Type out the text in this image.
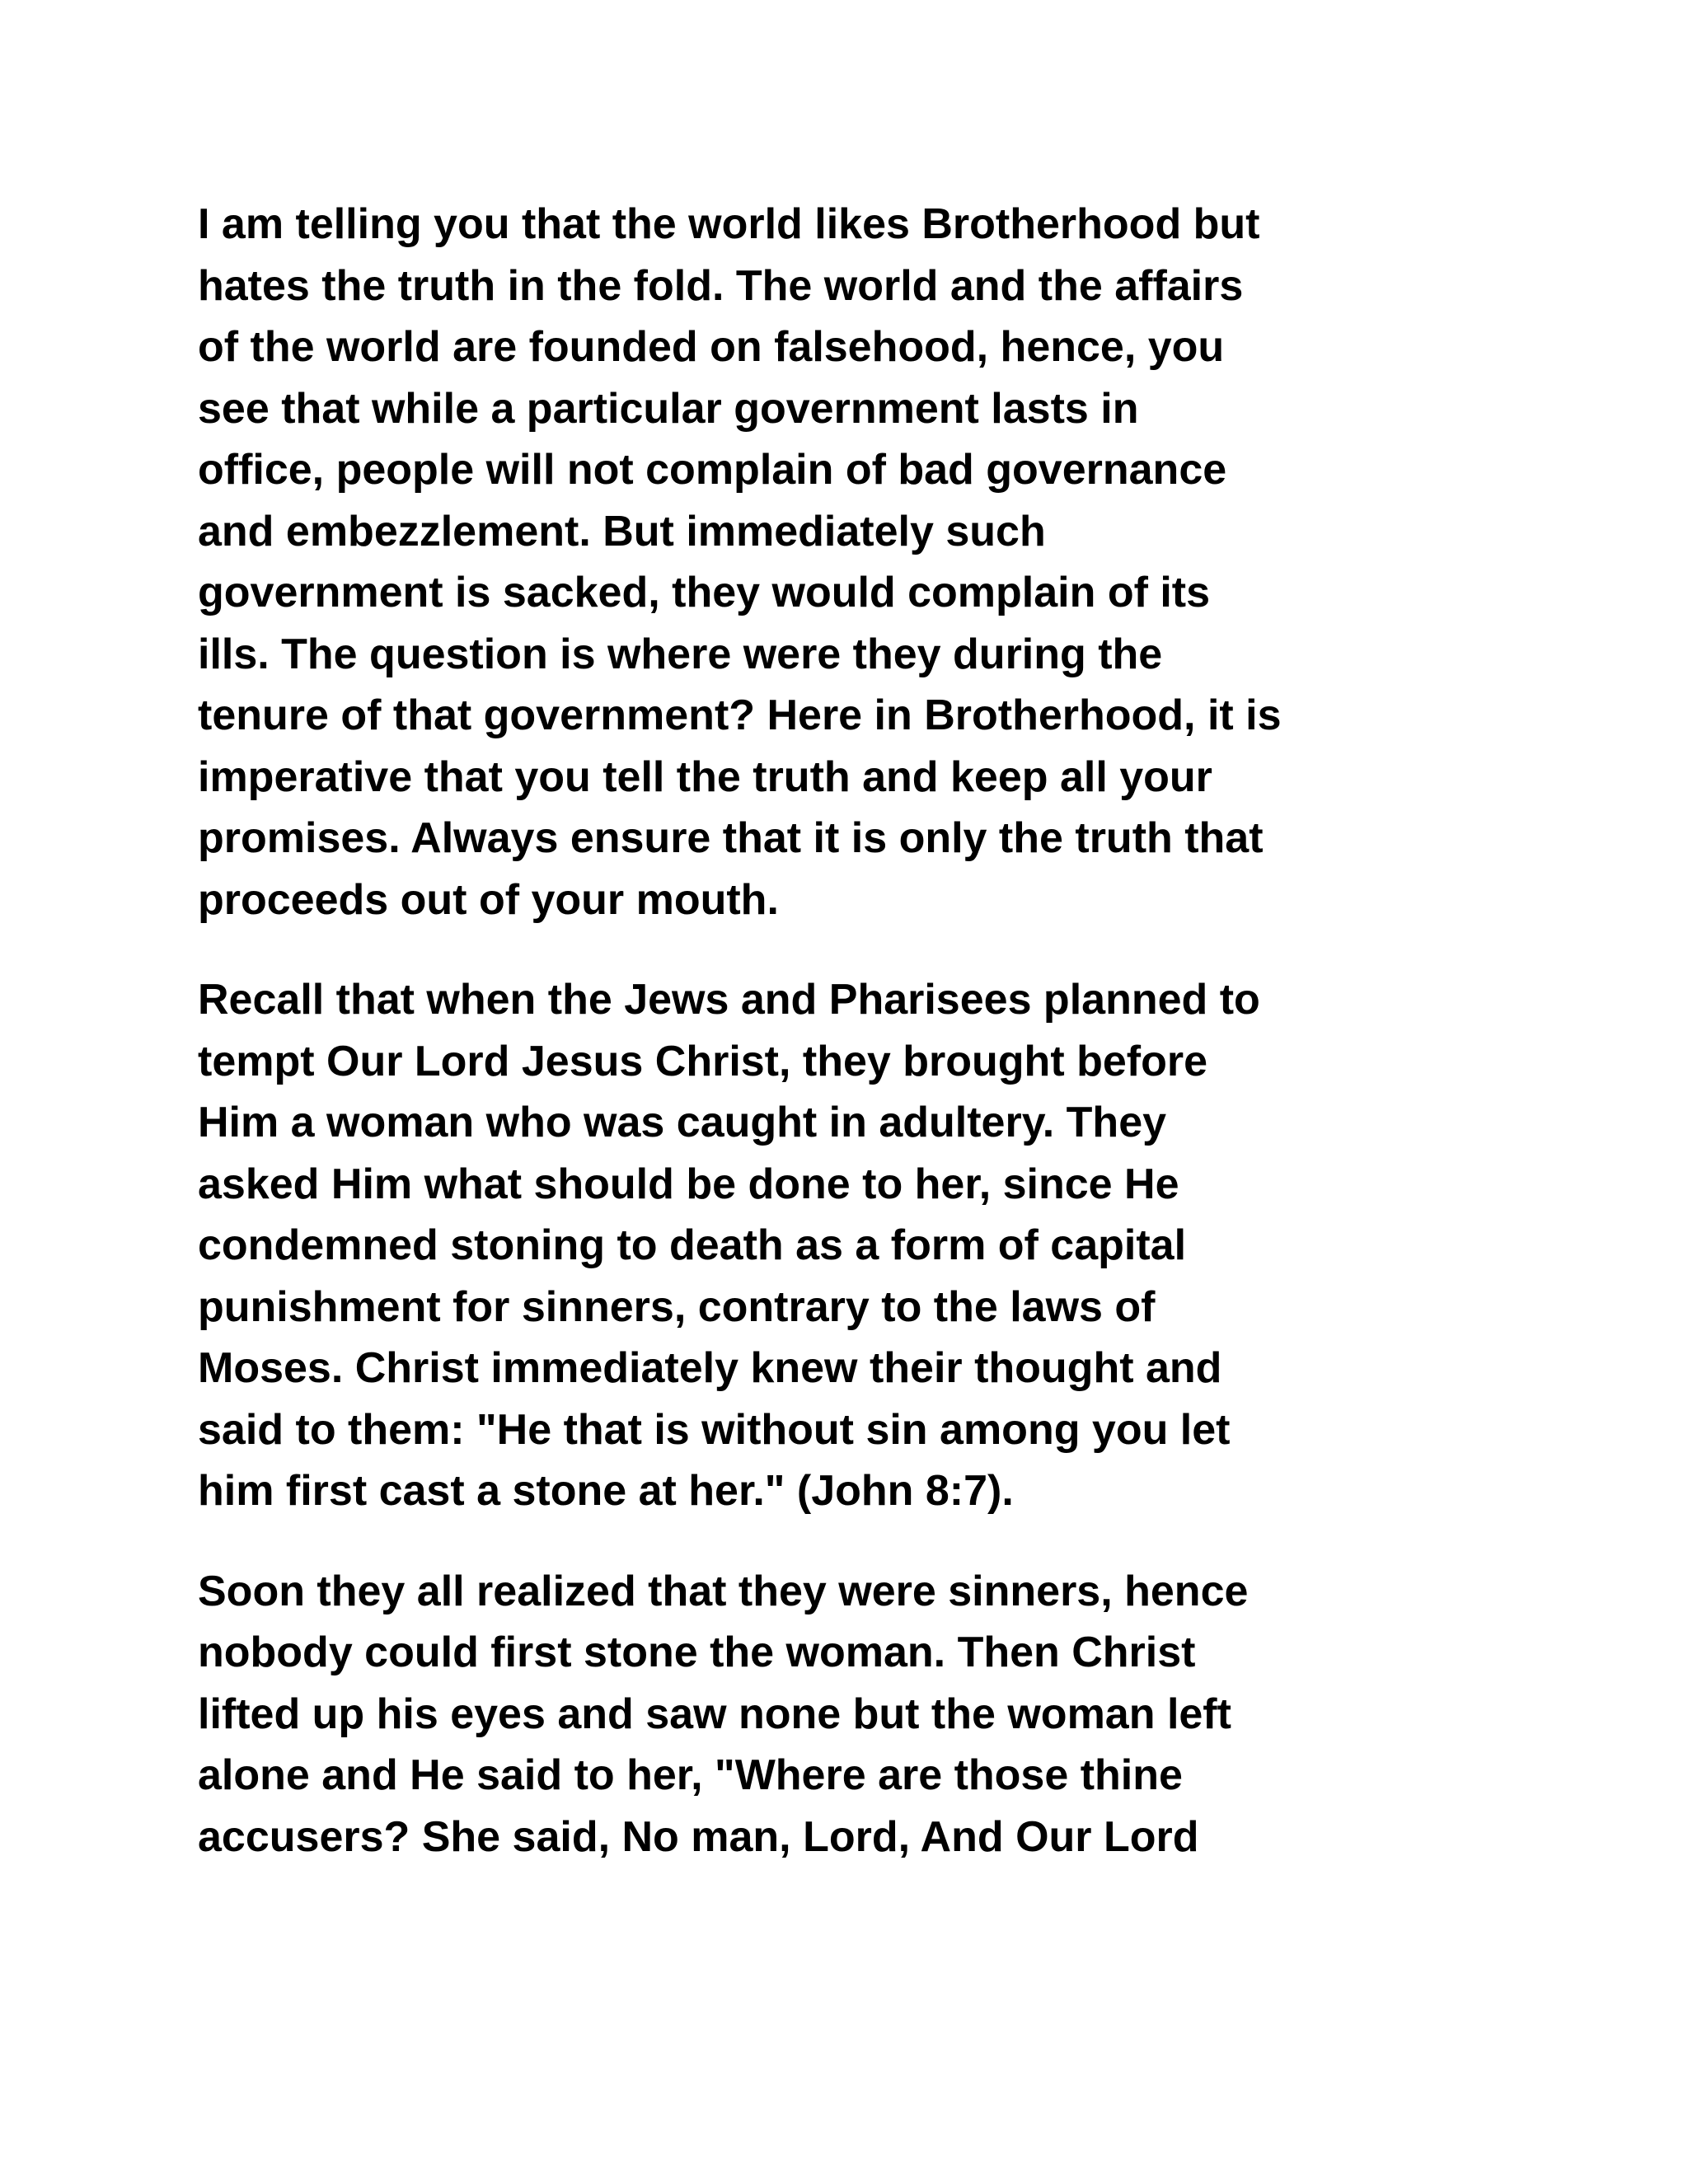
I am telling you that the world likes Brotherhood but
hates the truth in the fold. The world and the affairs
of the world are founded on falsehood, hence, you
see that while a particular government lasts in
office, people will not complain of bad governance
and embezzlement. But immediately such
government is sacked, they would complain of its
ills. The question is where were they during the
tenure of that government? Here in Brotherhood, it is
imperative that you tell the truth and keep all your
promises. Always ensure that it is only the truth that
proceeds out of your mouth.

Recall that when the Jews and Pharisees planned to
tempt Our Lord Jesus Christ, they brought before
Him a woman who was caught in adultery. They
asked Him what should be done to her, since He
condemned stoning to death as a form of capital
punishment for sinners, contrary to the laws of
Moses. Christ immediately knew their thought and
said to them: "He that is without sin among you let
him first cast a stone at her." (John 8:7).

Soon they all realized that they were sinners, hence
nobody could first stone the woman. Then Christ
lifted up his eyes and saw none but the woman left
alone and He said to her, "Where are those thine
accusers? She said, No man, Lord, And Our Lord
